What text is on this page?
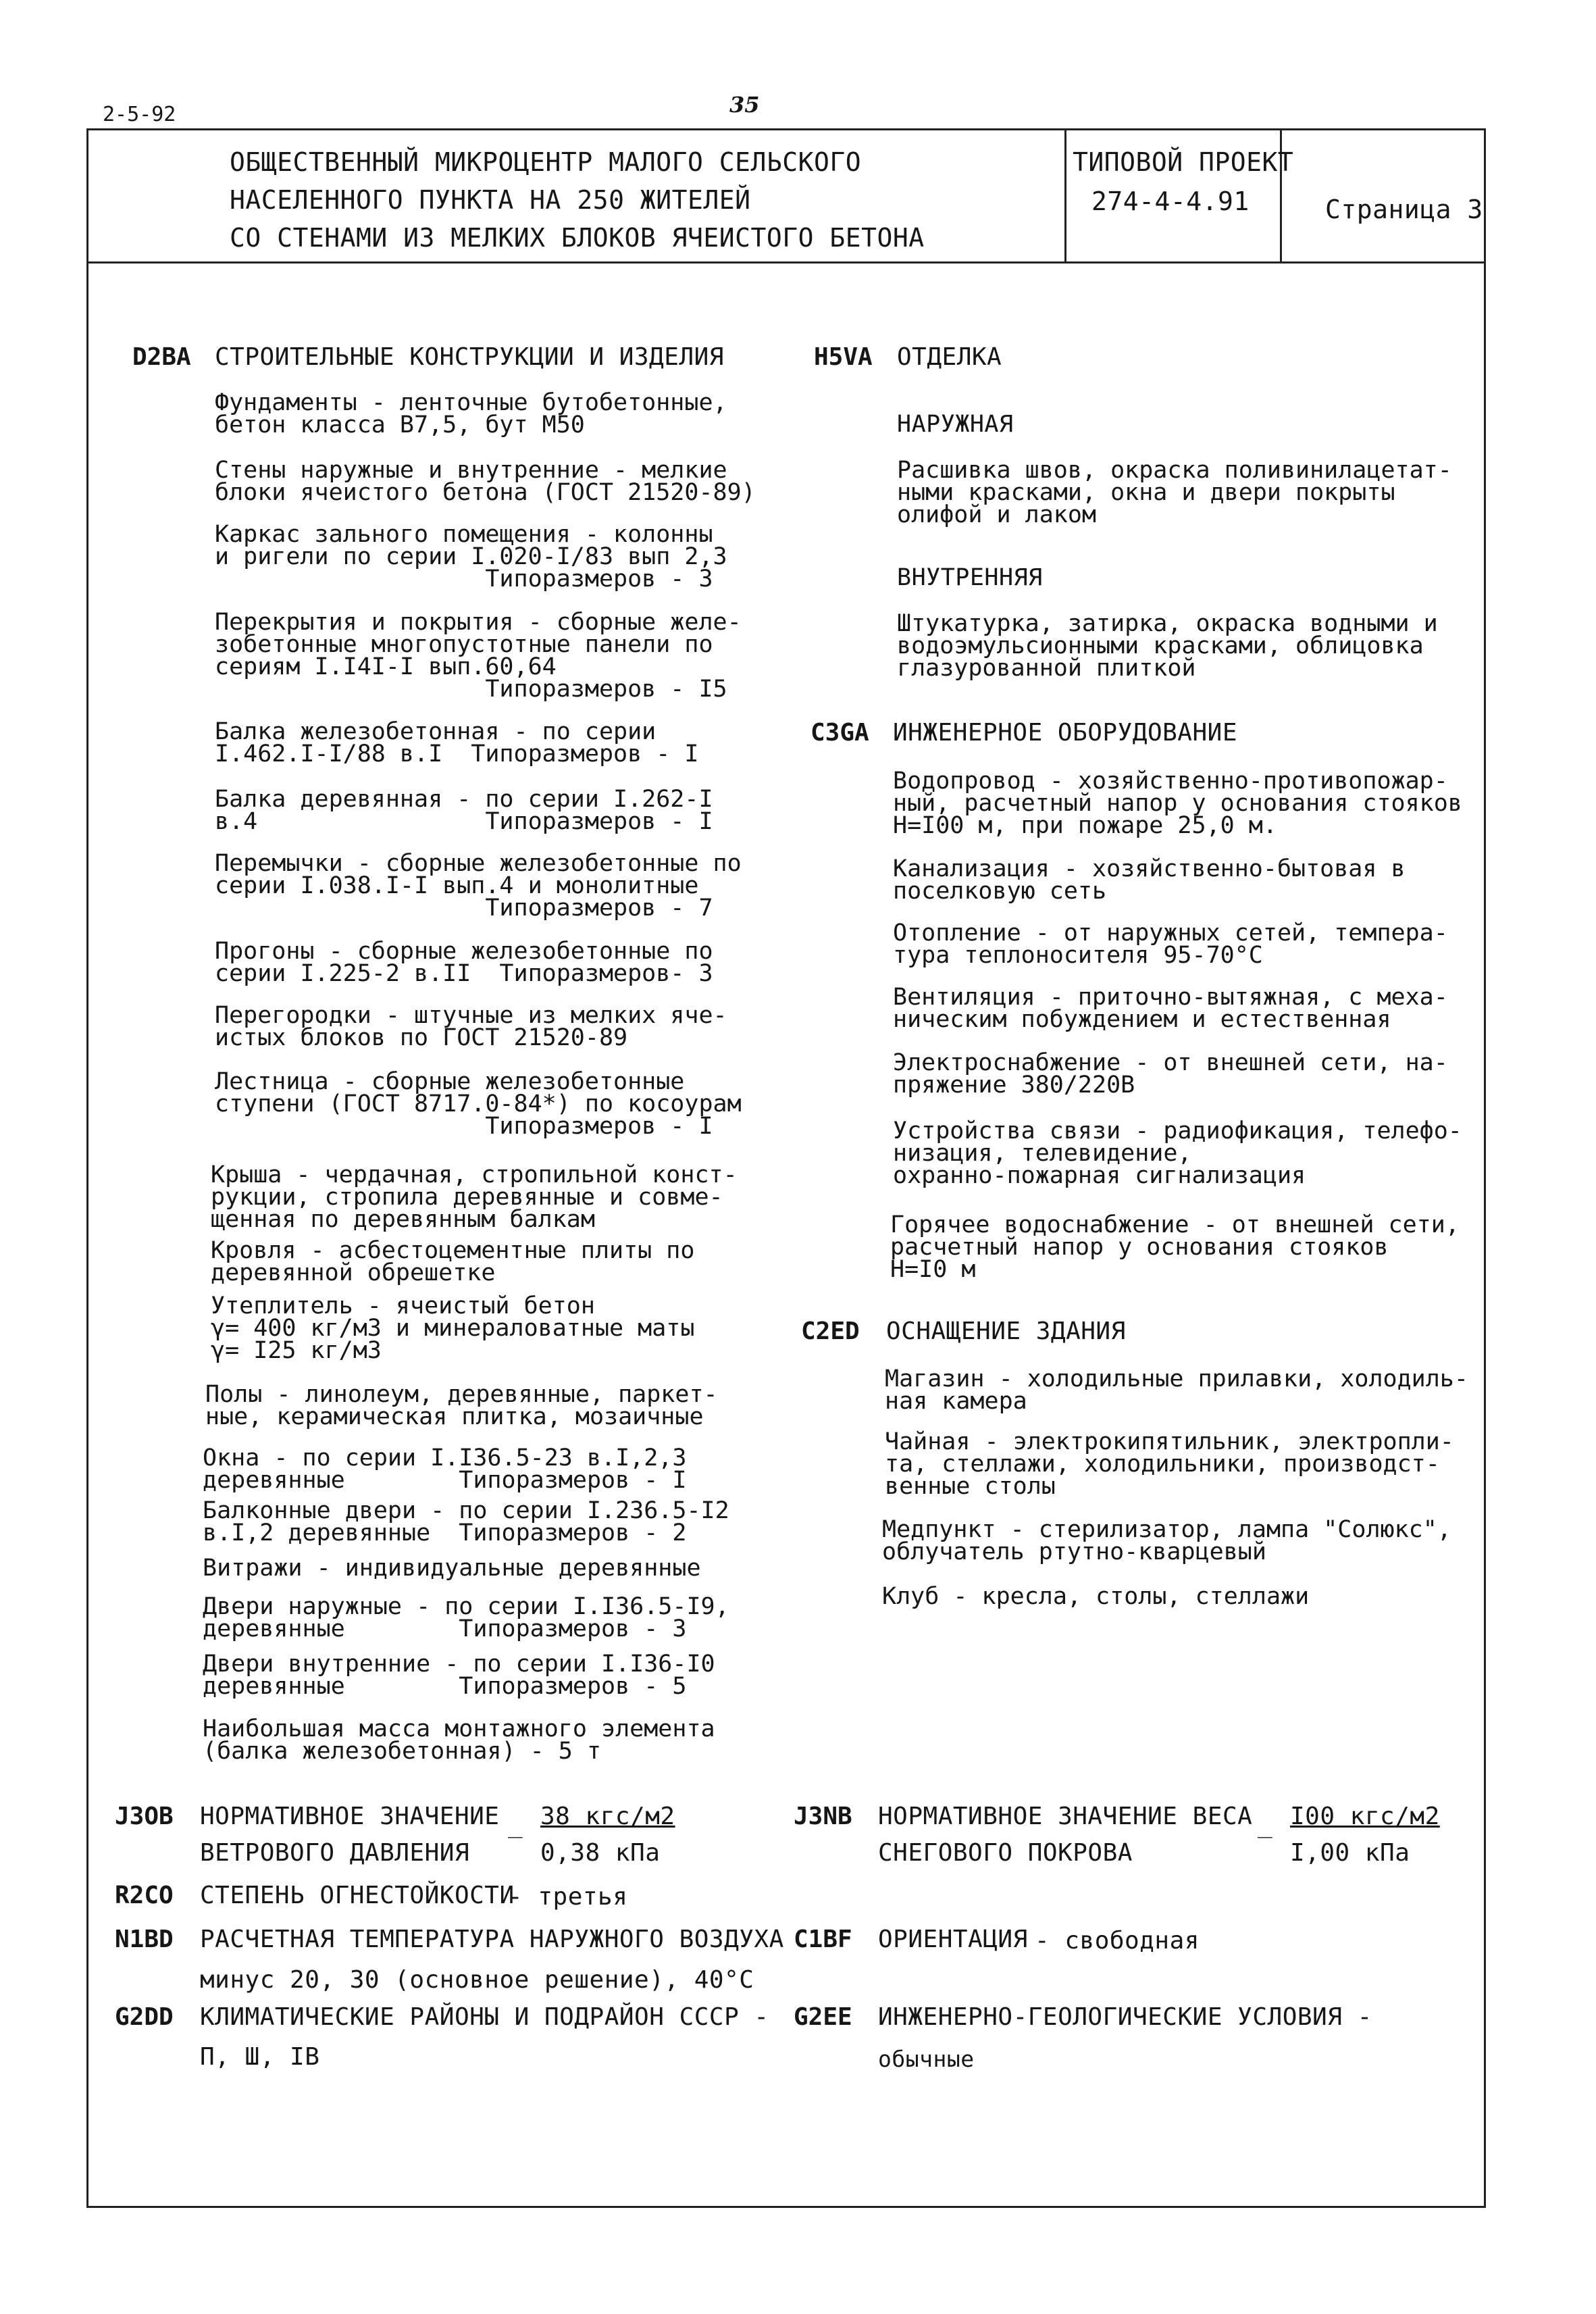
2-5-92	35
ОБЩЕСТВЕННЫЙ МИКРОЦЕНТР МАЛОГО СЕЛЬСКОГО
НАСЕЛЕННОГО ПУНКТА НА 250 ЖИТЕЛЕЙ
СО СТЕНАМИ ИЗ МЕЛКИХ БЛОКОВ ЯЧЕИСТОГО БЕТОНА
ТИПОВОЙ ПРОЕКТ
274-4-4.91	Страница 3
D2BA СТРОИТЕЛЬНЫЕ КОНСТРУКЦИИ И ИЗДЕЛИЯ
Фундаменты - ленточные бутобетонные,
бетон класса В7,5, бут М50
Стены наружные и внутренние - мелкие
блоки ячеистого бетона (ГОСТ 21520-89)
Каркас зального помещения - колонны
и ригели по серии I.020-I/83 вып 2,3
Типоразмеров - 3
Перекрытия и покрытия - сборные желе-
зобетонные многопустотные панели по
сериям I.I4I-I вып.60,64
Типоразмеров - I5
Балка железобетонная - по серии
I.462.I-I/88 в.I  Типоразмеров - I
Балка деревянная - по серии I.262-I
в.4                Типоразмеров - I
Перемычки - сборные железобетонные по
серии I.038.I-I вып.4 и монолитные
Типоразмеров - 7
Прогоны - сборные железобетонные по
серии I.225-2 в.II  Типоразмеров- 3
Перегородки - штучные из мелких яче-
истых блоков по ГОСТ 21520-89
Лестница - сборные железобетонные
ступени (ГОСТ 8717.0-84*) по косоурам
Типоразмеров - I
Крыша - чердачная, стропильной конст-
рукции, стропила деревянные и совме-
щенная по деревянным балкам
Кровля - асбестоцементные плиты по
деревянной обрешетке
Утеплитель - ячеистый бетон
γ= 400 кг/м3 и минераловатные маты
γ= I25 кг/м3
Полы - линолеум, деревянные, паркет-
ные, керамическая плитка, мозаичные
Окна - по серии I.I36.5-23 в.I,2,3
деревянные        Типоразмеров - I
Балконные двери - по серии I.236.5-I2
в.I,2 деревянные  Типоразмеров - 2
Витражи - индивидуальные деревянные
Двери наружные - по серии I.I36.5-I9,
деревянные        Типоразмеров - 3
Двери внутренние - по серии I.I36-I0
деревянные        Типоразмеров - 5
Наибольшая масса монтажного элемента
(балка железобетонная) - 5 т
H5VA ОТДЕЛКА
НАРУЖНАЯ
Расшивка швов, окраска поливинилацетат-
ными красками, окна и двери покрыты
олифой и лаком
ВНУТРЕННЯЯ
Штукатурка, затирка, окраска водными и
водоэмульсионными красками, облицовка
глазурованной плиткой
C3GA ИНЖЕНЕРНОЕ ОБОРУДОВАНИЕ
Водопровод - хозяйственно-противопожар-
ный, расчетный напор у основания стояков
Н=I00 м, при пожаре 25,0 м.
Канализация - хозяйственно-бытовая в
поселковую сеть
Отопление - от наружных сетей, темпера-
тура теплоносителя 95-70°С
Вентиляция - приточно-вытяжная, с меха-
ническим побуждением и естественная
Электроснабжение - от внешней сети, на-
пряжение 380/220В
Устройства связи - радиофикация, телефо-
низация, телевидение,
охранно-пожарная сигнализация
Горячее водоснабжение - от внешней сети,
расчетный напор у основания стояков
Н=I0 м
C2ED ОСНАЩЕНИЕ ЗДАНИЯ
Магазин - холодильные прилавки, холодиль-
ная камера
Чайная - электрокипятильник, электропли-
та, стеллажи, холодильники, производст-
венные столы
Медпункт - стерилизатор, лампа "Солюкс",
облучатель ртутно-кварцевый
Клуб - кресла, столы, стеллажи
J3OB НОРМАТИВНОЕ ЗНАЧЕНИЕ
ВЕТРОВОГО ДАВЛЕНИЯ
_ 38 кгс/м2
0,38 кПа
J3NB НОРМАТИВНОЕ ЗНАЧЕНИЕ ВЕСА
СНЕГОВОГО ПОКРОВА
_ I00 кгс/м2
I,00 кПа
R2CO СТЕПЕНЬ ОГНЕСТОЙКОСТИ
- третья
N1BD РАСЧЕТНАЯ ТЕМПЕРАТУРА НАРУЖНОГО ВОЗДУХА
минус 20, 30 (основное решение), 40°С
C1BF ОРИЕНТАЦИЯ - свободная
G2DD КЛИМАТИЧЕСКИЕ РАЙОНЫ И ПОДРАЙОН СССР -
П, Ш, IВ
G2EE ИНЖЕНЕРНО-ГЕОЛОГИЧЕСКИЕ УСЛОВИЯ -
обычные
